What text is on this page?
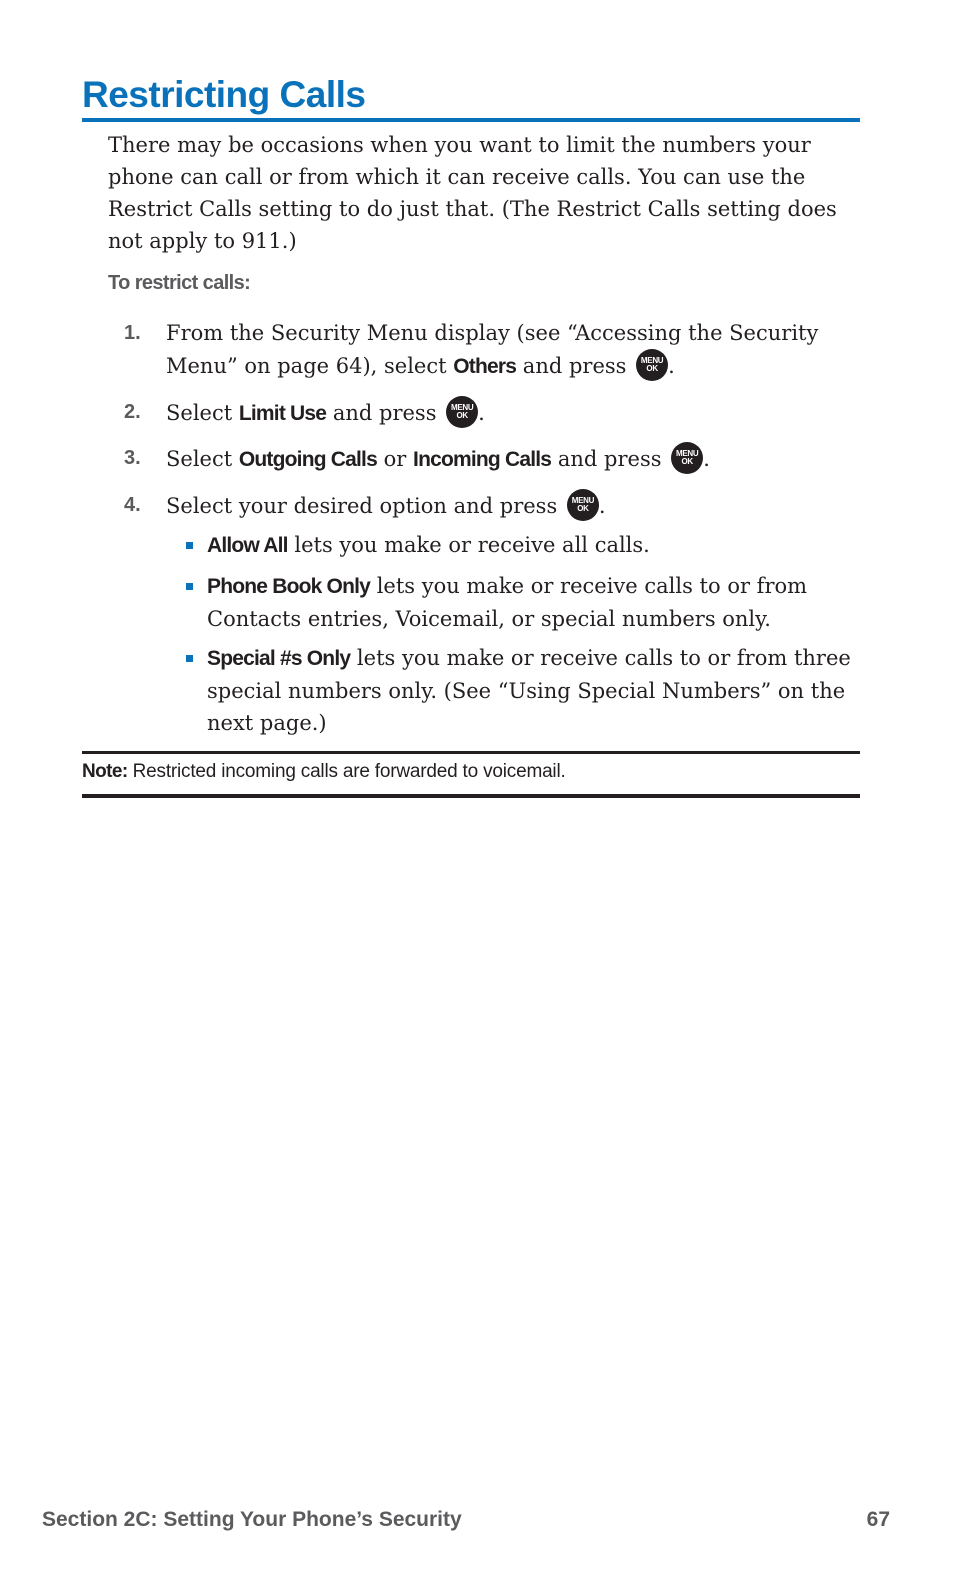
Restricting Calls

There may be occasions when you want to limit the numbers your phone can call or from which it can receive calls. You can use the Restrict Calls setting to do just that. (The Restrict Calls setting does not apply to 911.)

To restrict calls:

1. From the Security Menu display (see “Accessing the Security Menu” on page 64), select Others and press MENU
OK .
2. Select Limit Use and press MENU
OK .
3. Select Outgoing Calls or Incoming Calls and press MENU
OK .
4. Select your desired option and press MENU
OK .
Allow All lets you make or receive all calls.
Phone Book Only lets you make or receive calls to or from Contacts entries, Voicemail, or special numbers only.
Special #s Only lets you make or receive calls to or from three special numbers only. (See “Using Special Numbers” on the next page.)
Note: Restricted incoming calls are forwarded to voicemail.
Section 2C: Setting Your Phone’s Security	67
